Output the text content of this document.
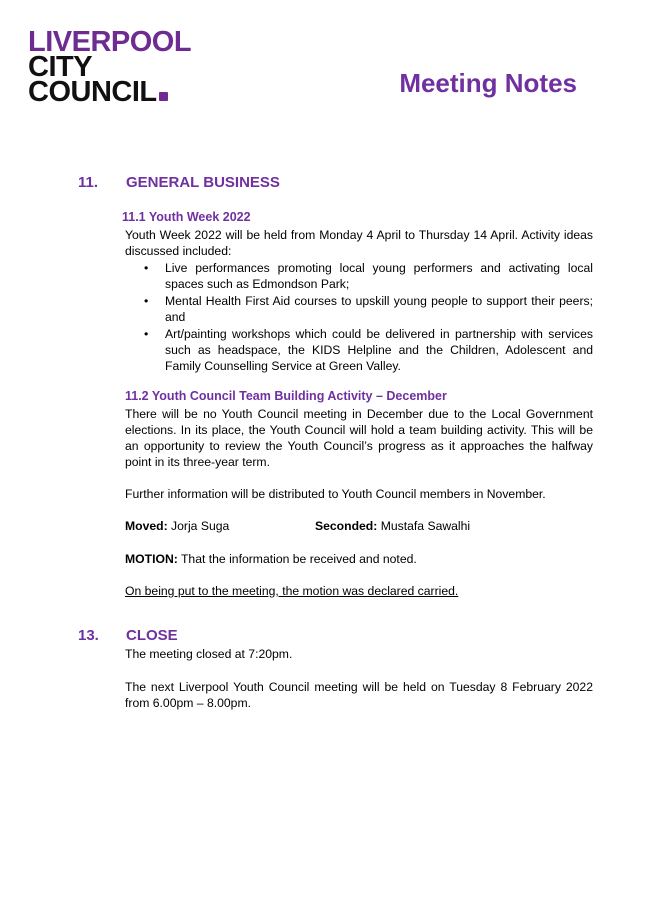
LIVERPOOL
CITY
COUNCIL	Meeting Notes
11. GENERAL BUSINESS
11.1 Youth Week 2022
Youth Week 2022 will be held from Monday 4 April to Thursday 14 April. Activity ideas discussed included:
• Live performances promoting local young performers and activating local spaces such as Edmondson Park;
• Mental Health First Aid courses to upskill young people to support their peers; and
• Art/painting workshops which could be delivered in partnership with services such as headspace, the KIDS Helpline and the Children, Adolescent and Family Counselling Service at Green Valley.
11.2 Youth Council Team Building Activity – December
There will be no Youth Council meeting in December due to the Local Government elections. In its place, the Youth Council will hold a team building activity. This will be an opportunity to review the Youth Council’s progress as it approaches the halfway point in its three-year term.
Further information will be distributed to Youth Council members in November.
Moved: Jorja Suga	Seconded: Mustafa Sawalhi
MOTION: That the information be received and noted.
On being put to the meeting, the motion was declared carried.
13. CLOSE
The meeting closed at 7:20pm.
The next Liverpool Youth Council meeting will be held on Tuesday 8 February 2022 from 6.00pm – 8.00pm.
